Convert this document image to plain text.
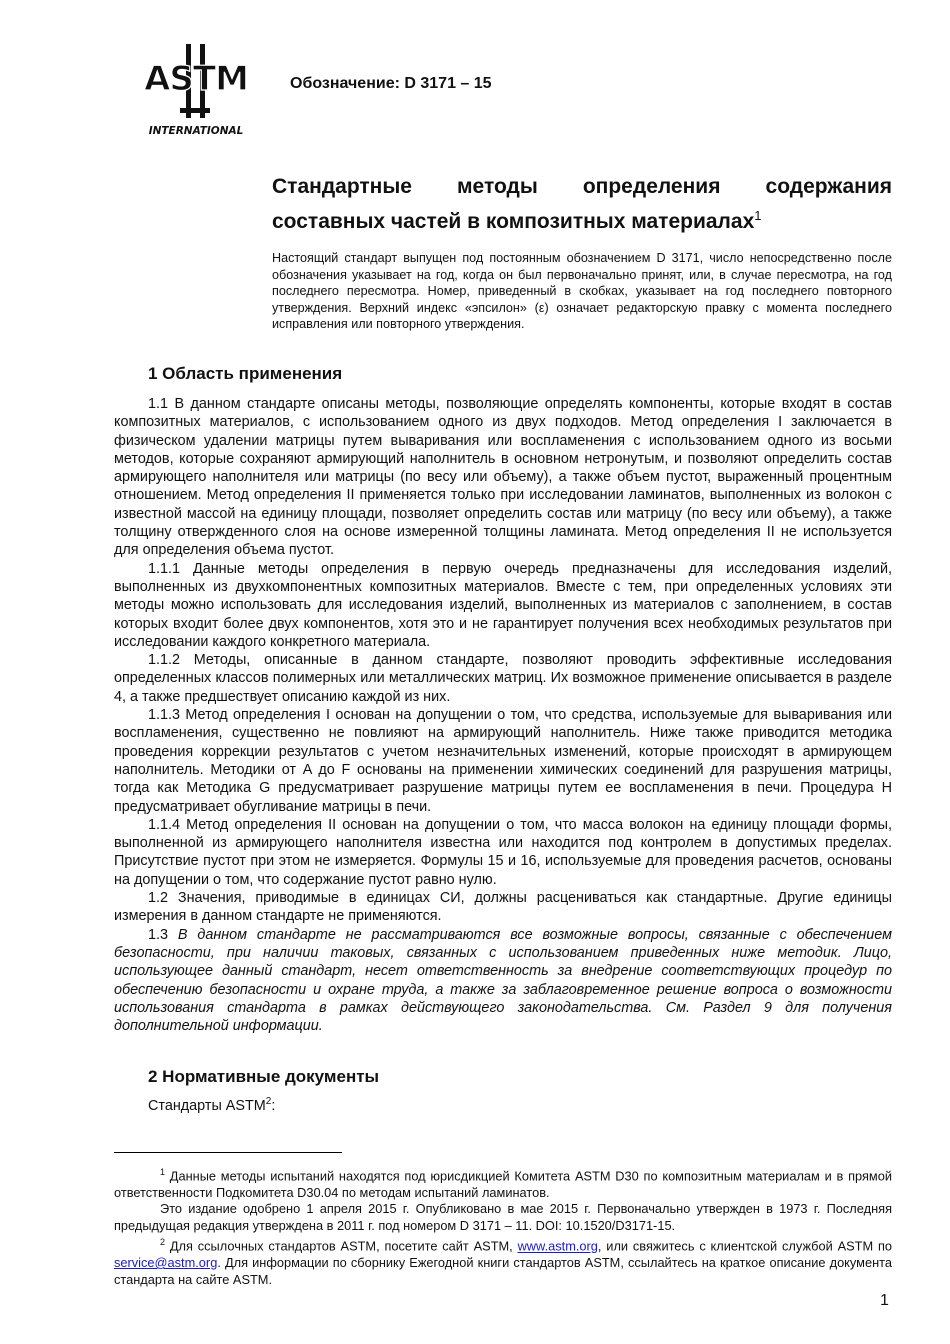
ASTM
INTERNATIONAL
Обозначение: D 3171 – 15
Стандартные методы определения содержания составных частей в композитных материалах$^1$
Настоящий стандарт выпущен под постоянным обозначением D 3171, число непосредственно после обозначения указывает на год, когда он был первоначально принят, или, в случае пересмотра, на год последнего пересмотра. Номер, приведенный в скобках, указывает на год последнего повторного утверждения. Верхний индекс «эпсилон» (ε) означает редакторскую правку с момента последнего исправления или повторного утверждения.
1 Область применения

1.1 В данном стандарте описаны методы, позволяющие определять компоненты, которые входят в состав композитных материалов, с использованием одного из двух подходов. Метод определения I заключается в физическом удалении матрицы путем вываривания или воспламенения с использованием одного из восьми методов, которые сохраняют армирующий наполнитель в основном нетронутым, и позволяют определить состав армирующего наполнителя или матрицы (по весу или объему), а также объем пустот, выраженный процентным отношением. Метод определения II применяется только при исследовании ламинатов, выполненных из волокон с известной массой на единицу площади, позволяет определить состав или матрицу (по весу или объему), а также толщину отвержденного слоя на основе измеренной толщины ламината. Метод определения II не используется для определения объема пустот.

1.1.1 Данные методы определения в первую очередь предназначены для исследования изделий, выполненных из двухкомпонентных композитных материалов. Вместе с тем, при определенных условиях эти методы можно использовать для исследования изделий, выполненных из материалов с заполнением, в состав которых входит более двух компонентов, хотя это и не гарантирует получения всех необходимых результатов при исследовании каждого конкретного материала.

1.1.2 Методы, описанные в данном стандарте, позволяют проводить эффективные исследования определенных классов полимерных или металлических матриц. Их возможное применение описывается в разделе 4, а также предшествует описанию каждой из них.

1.1.3 Метод определения I основан на допущении о том, что средства, используемые для вываривания или воспламенения, существенно не повлияют на армирующий наполнитель. Ниже также приводится методика проведения коррекции результатов с учетом незначительных изменений, которые происходят в армирующем наполнитель. Методики от A до F основаны на применении химических соединений для разрушения матрицы, тогда как Методика G предусматривает разрушение матрицы путем ее воспламенения в печи. Процедура H предусматривает обугливание матрицы в печи.

1.1.4 Метод определения II основан на допущении о том, что масса волокон на единицу площади формы, выполненной из армирующего наполнителя известна или находится под контролем в допустимых пределах. Присутствие пустот при этом не измеряется. Формулы 15 и 16, используемые для проведения расчетов, основаны на допущении о том, что содержание пустот равно нулю.

1.2 Значения, приводимые в единицах СИ, должны расцениваться как стандартные. Другие единицы измерения в данном стандарте не применяются.

1.3 В данном стандарте не рассматриваются все возможные вопросы, связанные с обеспечением безопасности, при наличии таковых, связанных с использованием приведенных ниже методик. Лицо, использующее данный стандарт, несет ответственность за внедрение соответствующих процедур по обеспечению безопасности и охране труда, а также за заблаговременное решение вопроса о возможности использования стандарта в рамках действующего законодательства. См. Раздел 9 для получения дополнительной информации.

2 Нормативные документы
Стандарты ASTM$^2$:

$^1$ Данные методы испытаний находятся под юрисдикцией Комитета ASTM D30 по композитным материалам и в прямой ответственности Подкомитета D30.04 по методам испытаний ламинатов.

Это издание одобрено 1 апреля 2015 г. Опубликовано в мае 2015 г. Первоначально утвержден в 1973 г. Последняя предыдущая редакция утверждена в 2011 г. под номером D 3171 – 11. DOI: 10.1520/D3171-15.

$^2$ Для ссылочных стандартов ASTM, посетите сайт ASTM, www.astm.org, или свяжитесь с клиентской службой ASTM по service@astm.org. Для информации по сборнику Ежегодной книги стандартов ASTM, ссылайтесь на краткое описание документа стандарта на сайте ASTM.

1
